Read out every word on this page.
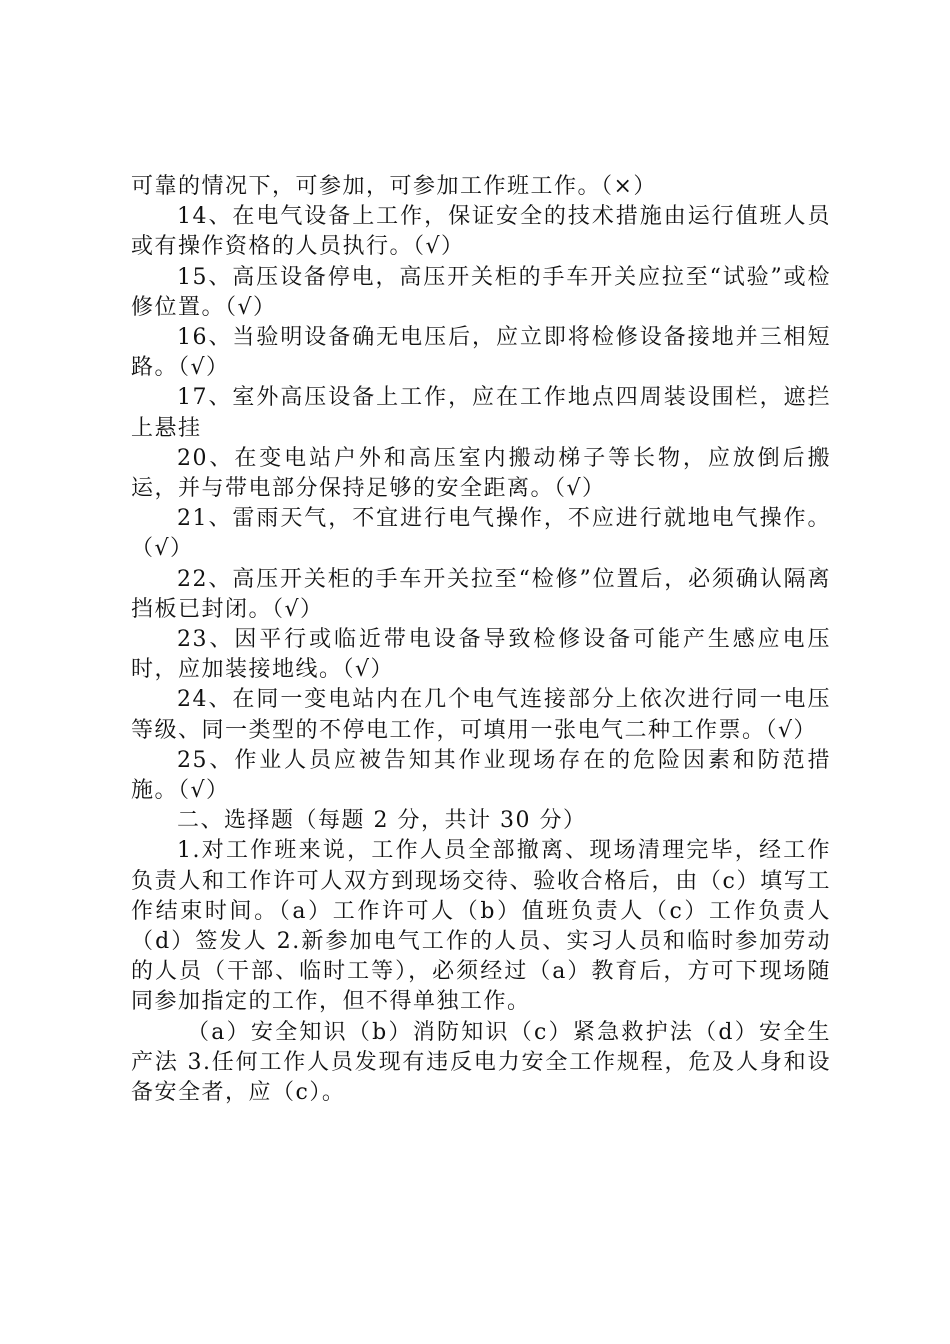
可靠的情况下，可参加，可参加工作班工作。（×）

14、在电气设备上工作，保证安全的技术措施由运行值班人员或有操作资格的人员执行。（√）

15、高压设备停电，高压开关柜的手车开关应拉至“试验”或检修位置。（√）

16、当验明设备确无电压后，应立即将检修设备接地并三相短路。（√）

17、室外高压设备上工作，应在工作地点四周装设围栏，遮拦上悬挂

20、在变电站户外和高压室内搬动梯子等长物，应放倒后搬运，并与带电部分保持足够的安全距离。（√）

21、雷雨天气，不宜进行电气操作，不应进行就地电气操作。（√）

22、高压开关柜的手车开关拉至“检修”位置后，必须确认隔离挡板已封闭。（√）

23、因平行或临近带电设备导致检修设备可能产生感应电压时，应加装接地线。（√）

24、在同一变电站内在几个电气连接部分上依次进行同一电压等级、同一类型的不停电工作，可填用一张电气二种工作票。（√）

25、作业人员应被告知其作业现场存在的危险因素和防范措施。（√）

二、选择题（每题 2 分，共计 30 分）

1.对工作班来说，工作人员全部撤离、现场清理完毕，经工作负责人和工作许可人双方到现场交待、验收合格后，由（c）填写工作结束时间。（a）工作许可人（b）值班负责人（c）工作负责人（d）签发人 2.新参加电气工作的人员、实习人员和临时参加劳动的人员（干部、临时工等），必须经过（a）教育后，方可下现场随同参加指定的工作，但不得单独工作。

（a）安全知识（b）消防知识（c）紧急救护法（d）安全生产法 3.任何工作人员发现有违反电力安全工作规程，危及人身和设备安全者，应（c）。
